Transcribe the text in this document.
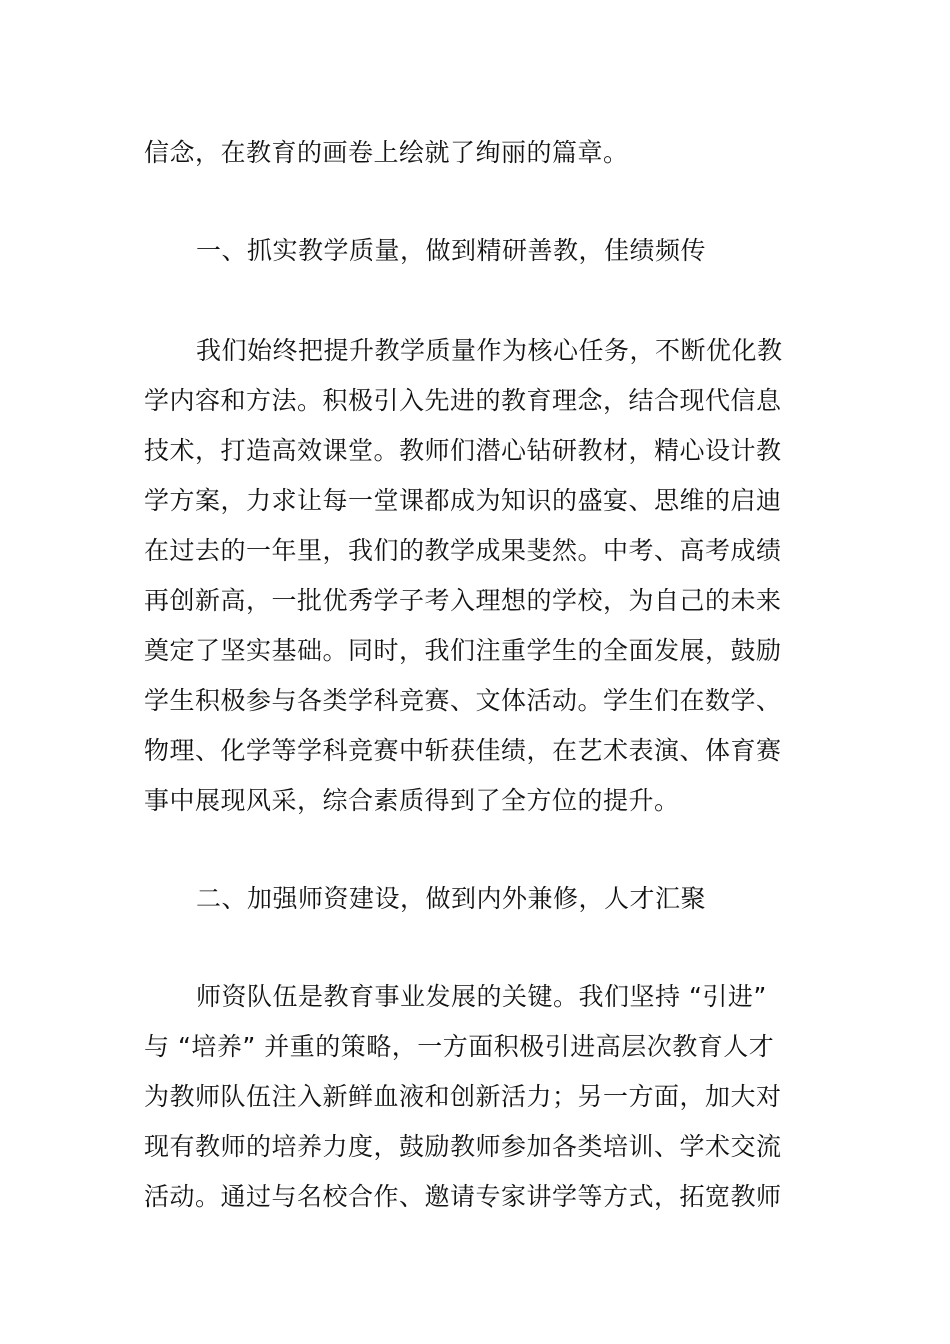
信念，在教育的画卷上绘就了绚丽的篇章。
一、抓实教学质量，做到精研善教，佳绩频传
我们始终把提升教学质量作为核心任务，不断优化教
学内容和方法。积极引入先进的教育理念，结合现代信息
技术，打造高效课堂。教师们潜心钻研教材，精心设计教
学方案，力求让每一堂课都成为知识的盛宴、思维的启迪
在过去的一年里，我们的教学成果斐然。中考、高考成绩
再创新高，一批优秀学子考入理想的学校，为自己的未来
奠定了坚实基础。同时，我们注重学生的全面发展，鼓励
学生积极参与各类学科竞赛、文体活动。学生们在数学、
物理、化学等学科竞赛中斩获佳绩，在艺术表演、体育赛
事中展现风采，综合素质得到了全方位的提升。
二、加强师资建设，做到内外兼修，人才汇聚
师资队伍是教育事业发展的关键。我们坚持 “引进”
与 “培养” 并重的策略，一方面积极引进高层次教育人才
为教师队伍注入新鲜血液和创新活力；另一方面，加大对
现有教师的培养力度，鼓励教师参加各类培训、学术交流
活动。通过与名校合作、邀请专家讲学等方式，拓宽教师
